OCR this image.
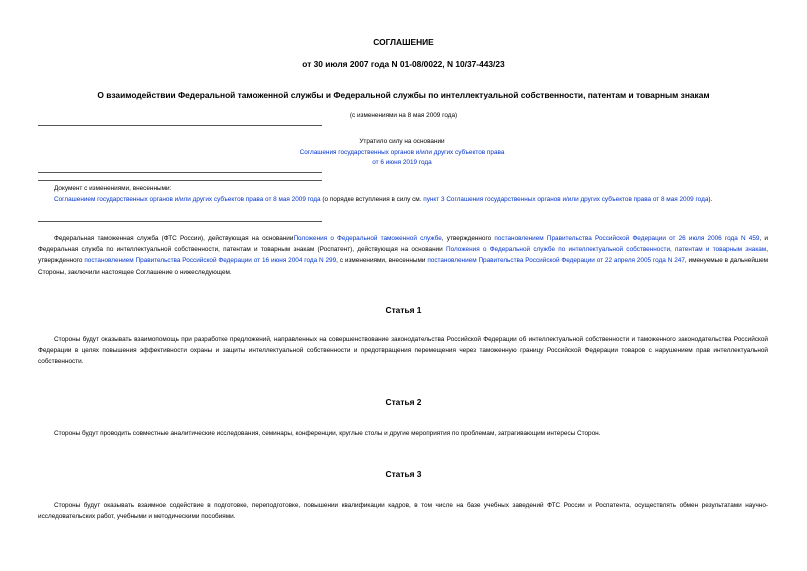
СОГЛАШЕНИЕ
от 30 июля 2007 года N 01-08/0022, N 10/37-443/23
О взаимодействии Федеральной таможенной службы и Федеральной службы по интеллектуальной собственности, патентам и товарным знакам
(с изменениями на 8 мая 2009 года)
Утратило силу на основании
Соглашения государственных органов и/или других субъектов права
от 6 июня 2019 года
Документ с изменениями, внесенными:
Соглашением государственных органов и/или других субъектов права от 8 мая 2009 года (о порядке вступления в силу см. пункт 3 Соглашения государственных органов и/или других субъектов права от 8 мая 2009 года).
Федеральная таможенная служба (ФТС России), действующая на основанииПоложения о Федеральной таможенной службе, утвержденного постановлением Правительства Российской Федерации от 26 июля 2006 года N 459, и Федеральная служба по интеллектуальной собственности, патентам и товарным знакам (Роспатент), действующая на основании Положения о Федеральной службе по интеллектуальной собственности, патентам и товарным знакам, утвержденного постановлением Правительства Российской Федерации от 16 июня 2004 года N 299, с изменениями, внесенными постановлением Правительства Российской Федерации от 22 апреля 2005 года N 247, именуемые в дальнейшем Стороны, заключили настоящее Соглашение о нижеследующем.
Статья 1
Стороны будут оказывать взаимопомощь при разработке предложений, направленных на совершенствование законодательства Российской Федерации об интеллектуальной собственности и таможенного законодательства Российской Федерации в целях повышения эффективности охраны и защиты интеллектуальной собственности и предотвращения перемещения через таможенную границу Российской Федерации товаров с нарушением прав интеллектуальной собственности.
Статья 2
Стороны будут проводить совместные аналитические исследования, семинары, конференции, круглые столы и другие мероприятия по проблемам, затрагивающим интересы Сторон.
Статья 3
Стороны будут оказывать взаимное содействие в подготовке, переподготовке, повышении квалификации кадров, в том числе на базе учебных заведений ФТС России и Роспатента, осуществлять обмен результатами научно-исследовательских работ, учебными и методическими пособиями.
